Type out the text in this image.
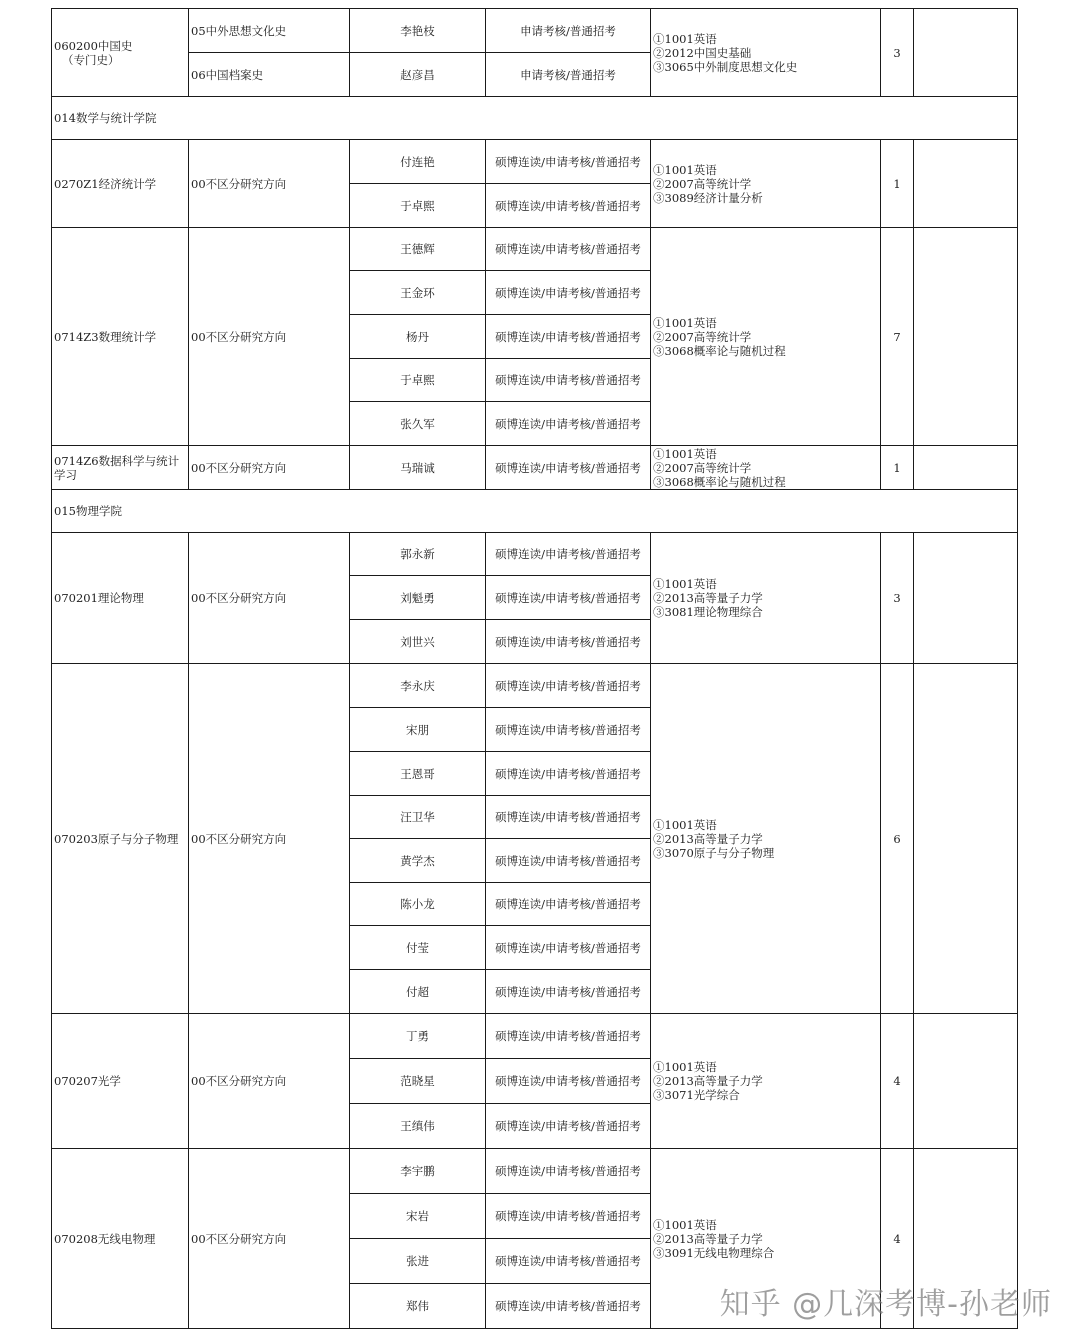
060200中国史
（专门史）	05中外思想文化史	李艳枝	申请考核/普通招考	①1001英语
②2012中国史基础
③3065中外制度思想文化史	3	
	06中国档案史	赵彦昌	申请考核/普通招考			
014数学与统计学院						

0270Z1经济统计学	00不区分研究方向	付连艳	硕博连读/申请考核/普通招考	①1001英语
②2007高等统计学
③3089经济计量分析	1	
		于卓熙	硕博连读/申请考核/普通招考			

0714Z3数理统计学	00不区分研究方向	王德辉	硕博连读/申请考核/普通招考	①1001英语
②2007高等统计学
③3068概率论与随机过程	7	
		王金环	硕博连读/申请考核/普通招考			
		杨丹	硕博连读/申请考核/普通招考			
		于卓熙	硕博连读/申请考核/普通招考			
		张久军	硕博连读/申请考核/普通招考			

0714Z6数据科学与统计学习	00不区分研究方向	马瑞诚	硕博连读/申请考核/普通招考	①1001英语
②2007高等统计学
③3068概率论与随机过程	1	
015物理学院						

070201理论物理	00不区分研究方向	郭永新	硕博连读/申请考核/普通招考	①1001英语
②2013高等量子力学
③3081理论物理综合	3	
		刘魁勇	硕博连读/申请考核/普通招考			
		刘世兴	硕博连读/申请考核/普通招考			

070203原子与分子物理	00不区分研究方向	李永庆	硕博连读/申请考核/普通招考	①1001英语
②2013高等量子力学
③3070原子与分子物理	6	
		宋朋	硕博连读/申请考核/普通招考			
		王恩哥	硕博连读/申请考核/普通招考			
		汪卫华	硕博连读/申请考核/普通招考			
		黄学杰	硕博连读/申请考核/普通招考			
		陈小龙	硕博连读/申请考核/普通招考			
		付莹	硕博连读/申请考核/普通招考			
		付超	硕博连读/申请考核/普通招考			

070207光学	00不区分研究方向	丁勇	硕博连读/申请考核/普通招考	①1001英语
②2013高等量子力学
③3071光学综合	4	
		范晓星	硕博连读/申请考核/普通招考			
		王缜伟	硕博连读/申请考核/普通招考			

070208无线电物理	00不区分研究方向	李宇鹏	硕博连读/申请考核/普通招考	①1001英语
②2013高等量子力学
③3091无线电物理综合	4	
		宋岩	硕博连读/申请考核/普通招考			
		张进	硕博连读/申请考核/普通招考			
		郑伟	硕博连读/申请考核/普通招考				知乎 @几深考博-孙老师
